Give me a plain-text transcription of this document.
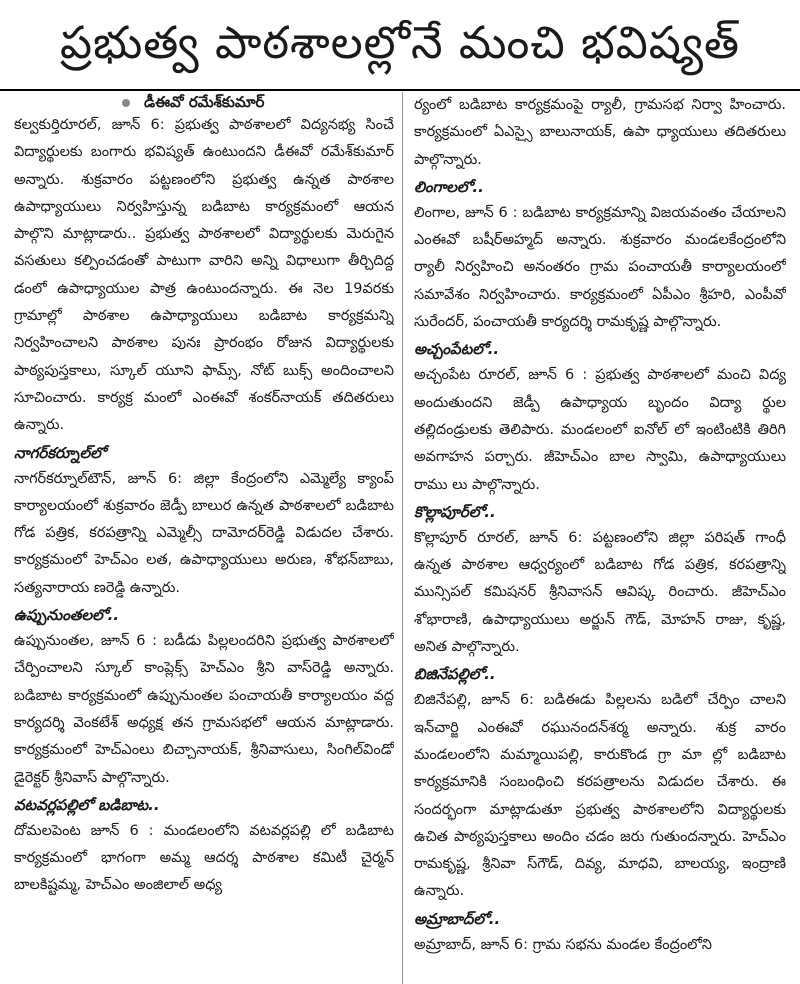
ప్రభుత్వ పాఠశాలల్లోనే మంచి భవిష్యత్
డీఈవో రమేశ్‌కుమార్

కల్వకుర్తిరూరల్, జూన్ 6: ప్రభుత్వ పాఠశాలలో విద్యనభ్య సించే విద్యార్థులకు బంగారు భవిష్యత్ ఉంటుందని డీఈవో రమేశ్‌కుమార్ అన్నారు. శుక్రవారం పట్టణంలోని ప్రభుత్వ ఉన్నత పాఠశాల ఉపాధ్యాయులు నిర్వహిస్తున్న బడిబాట కార్యక్రమంలో ఆయన పాల్గొని మాట్లాడారు.. ప్రభుత్వ పాఠశాలలో విద్యార్థులకు మెరుగైన వసతులు కల్పించడంతో పాటుగా వారిని అన్ని విధాలుగా తీర్చిదిద్ద డంలో ఉపాధ్యాయుల పాత్ర ఉంటుందన్నారు. ఈ నెల 19వరకు గ్రామాల్లో పాఠశాల ఉపాధ్యాయులు బడిబాట కార్యక్రమన్ని నిర్వహించాలని పాఠశాల పునః ప్రారంభం రోజున విద్యార్థులకు పాఠ్యపుస్తకాలు, స్కూల్ యూని ఫామ్స్, నోట్ బుక్స్ అందించాలని సూచించారు. కార్యక్ర మంలో ఎంఈవో శంకర్‌నాయక్ తదితరులు ఉన్నారు.

నాగర్‌కర్నూల్‌లో

నాగర్‌కర్నూల్‌టౌన్, జూన్ 6: జిల్లా కేంద్రంలోని ఎమ్మెల్యే క్యాంప్ కార్యాలయంలో శుక్రవారం జెడ్పీ బాలుర ఉన్నత పాఠశాలలో బడిబాట గోడ పత్రిక, కరపత్రాన్ని ఎమ్మెల్సీ దామోదర్‌రెడ్డి విడుదల చేశారు. కార్యక్రమంలో హెచ్‌ఎం లత, ఉపాధ్యాయులు అరుణ, శోభన్‌బాబు, సత్యనారాయ ణరెడ్డి ఉన్నారు.

ఉప్పునుంతలలో..

ఉప్పునుంతల, జూన్ 6 : బడీడు పిల్లలందరిని ప్రభుత్వ పాఠశాలలో చేర్పించాలని స్కూల్ కాంప్లెక్స్ హెచ్‌ఎం శ్రీని వాస్‌రెడ్డి అన్నారు. బడిబాట కార్యక్రమంలో ఉప్పునుంతల పంచాయతీ కార్యాలయం వద్ద కార్యదర్శి వెంకటేశ్ అధ్యక్ష తన గ్రామసభలో ఆయన మాట్లాడారు. కార్యక్రమంలో హెచ్‌ఎంలు బిచ్చానాయక్, శ్రీనివాసులు, సింగిల్‌విండో డైరెక్టర్ శ్రీనివాస్ పాల్గొన్నారు.

వటవర్లపల్లిలో బడిబాట..

దోమలపెంట జూన్ 6 : మండలంలోని వటవర్లపల్లి లో బడిబాట కార్యక్రమంలో భాగంగా అమ్మ ఆదర్శ పాఠశాల కమిటీ చైర్మన్ బాలకిష్టమ్మ, హెచ్‌ఎం అంజిలాల్ అధ్య

ర్యంలో బడిబాట కార్యక్రమంపై ర్యాలీ, గ్రామసభ నిర్వా హించారు. కార్యక్రమంలో ఏఎస్సై బాలునాయక్, ఉపా ధ్యాయులు తదితరులు పాల్గొన్నారు.

లింగాలలో..

లింగాల, జూన్ 6 : బడిబాట కార్యక్రమాన్ని విజయవంతం చేయాలని ఎంఈవో బషీర్‌అహ్మద్ అన్నారు. శుక్రవారం మండలకేంద్రంలోని ర్యాలీ నిర్వహించి అనంతరం గ్రామ పంచాయతీ కార్యాలయంలో సమావేశం నిర్వహించారు. కార్యక్రమంలో ఏపీఎం శ్రీహరి, ఎంపీవో సురేందర్, పంచాయతీ కార్యదర్శి రామకృష్ణ పాల్గొన్నారు.

అచ్చంపేటలో..

అచ్చంపేట రూరల్, జూన్ 6 : ప్రభుత్వ పాఠశాలలో మంచి విద్య అందుతుందని జెడ్పీ ఉపాధ్యాయ బృందం విద్యా ర్థుల తల్లిదండ్రులకు తెలిపారు. మండలంలో ఐనోల్ లో ఇంటింటికి తిరిగి అవగాహన పర్చారు. జీహెచ్‌ఎం బాల స్వామి, ఉపాధ్యాయులు రాము లు పాల్గొన్నారు.

కొల్లాపూర్‌లో..

కొల్లాపూర్ రూరల్, జూన్ 6: పట్టణంలోని జిల్లా పరిషత్ గాంధీ ఉన్నత పాఠశాల ఆధ్వర్యంలో బడిబాట గోడ పత్రిక, కరపత్రాన్ని మున్సిపల్ కమిషనర్ శ్రీనివాసన్ ఆవిష్క రించారు. జీహెచ్‌ఎం శోభారాణి, ఉపాధ్యాయులు అర్జున్ గౌడ్, మోహన్ రాజు, కృష్ణ, అనిత పాల్గొన్నారు.

బిజినేపల్లిలో..

బిజినేపల్లి, జూన్ 6: బడిఈడు పిల్లలను బడిలో చేర్పిం చాలని ఇన్‌చార్జి ఎంఈవో రఘునందన్‌శర్మ అన్నారు. శుక్ర వారం మండలంలోని మమ్మాయిపల్లి, కారుకొండ గ్రా మా ల్లో బడిబాట కార్యక్రమానికి సంబంధించి కరపత్రాలను విడుదల చేశారు. ఈ సందర్భంగా మాట్లాడుతూ ప్రభుత్వ పాఠశాలలోని విద్యార్థులకు ఉచిత పాఠ్యపుస్తకాలు అందిం చడం జరు గుతుందన్నారు. హెచ్‌ఎం రామకృష్ణ, శ్రీనివా స్‌గౌడ్, దివ్య, మాధవి, బాలయ్య, ఇంద్రాణి ఉన్నారు.

అమ్రాబాద్‌లో..

అమ్రాబాద్, జూన్ 6: గ్రామ సభను మండల కేంద్రంలోని
